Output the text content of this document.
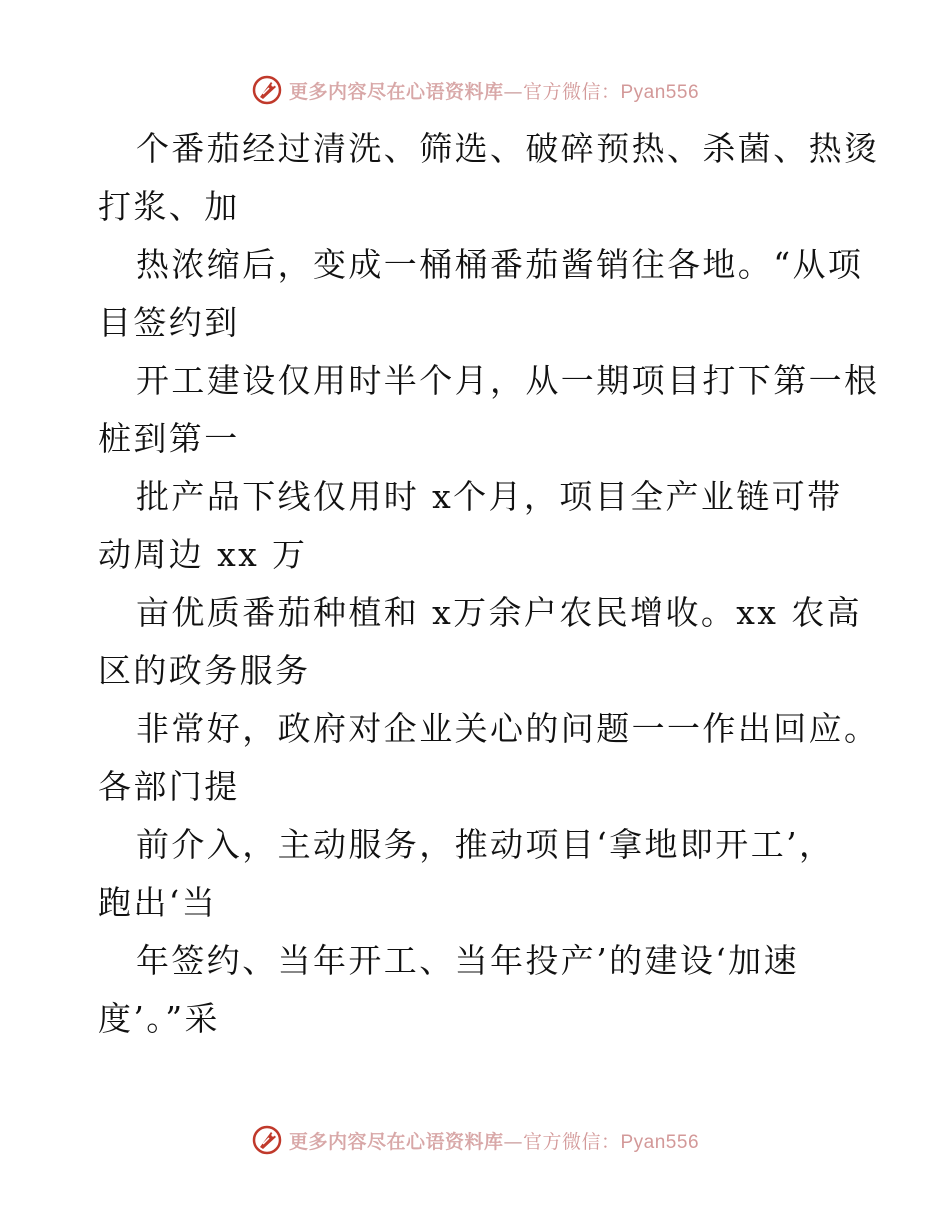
更多内容尽在心语资料库—官方微信：Pyan556
个番茄经过清洗、筛选、破碎预热、杀菌、热烫
打浆、加
热浓缩后，变成一桶桶番茄酱销往各地。“从项
目签约到
开工建设仅用时半个月，从一期项目打下第一根
桩到第一
批产品下线仅用时 x个月，项目全产业链可带
动周边 xx 万
亩优质番茄种植和 x万余户农民增收。xx 农高
区的政务服务
非常好，政府对企业关心的问题一一作出回应。
各部门提
前介入，主动服务，推动项目‘拿地即开工’，
跑出‘当
年签约、当年开工、当年投产’的建设‘加速
度’。”采
更多内容尽在心语资料库—官方微信：Pyan556
